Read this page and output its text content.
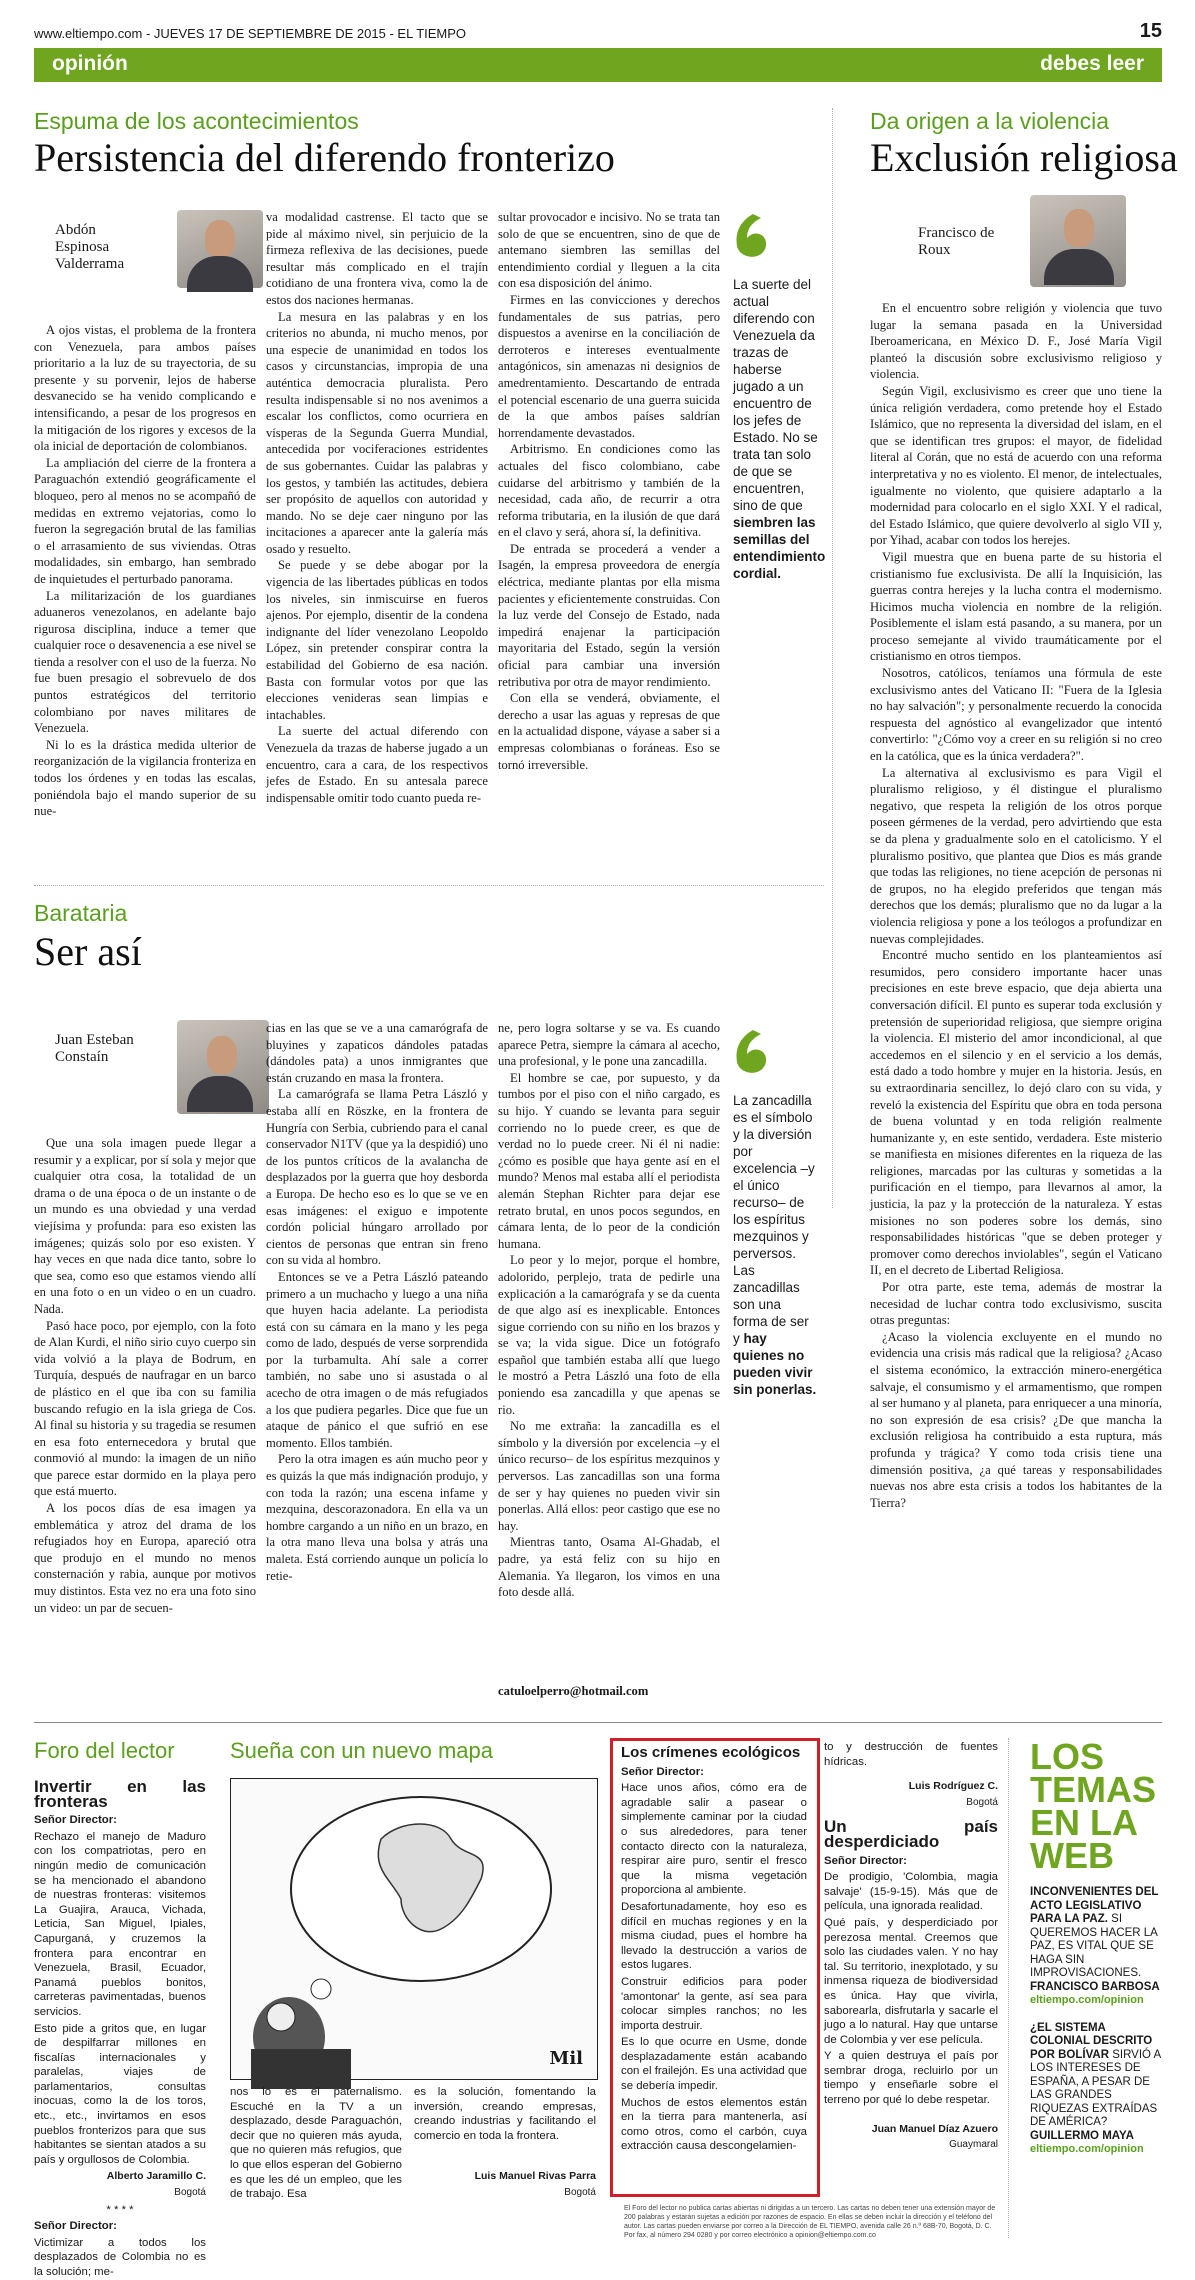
www.eltiempo.com - JUEVES 17 DE SEPTIEMBRE DE 2015 - EL TIEMPO	15
opinión	debes leer
Espuma de los acontecimientos
Persistencia del diferendo fronterizo
Abdón Espinosa Valderrama

A ojos vistas, el problema de la frontera con Venezuela, para ambos países prioritario a la luz de su trayectoria, de su presente y su porvenir, lejos de haberse desvanecido se ha venido complicando e intensificando, a pesar de los progresos en la mitigación de los rigores y excesos de la ola inicial de deportación de colombianos.

La ampliación del cierre de la frontera a Paraguachón extendió geográficamente el bloqueo, pero al menos no se acompañó de medidas en extremo vejatorias, como lo fueron la segregación brutal de las familias o el arrasamiento de sus viviendas. Otras modalidades, sin embargo, han sembrado de inquietudes el perturbado panorama.

La militarización de los guardianes aduaneros venezolanos, en adelante bajo rigurosa disciplina, induce a temer que cualquier roce o desavenencia a ese nivel se tienda a resolver con el uso de la fuerza. No fue buen presagio el sobrevuelo de dos puntos estratégicos del territorio colombiano por naves militares de Venezuela.

Ni lo es la drástica medida ulterior de reorganización de la vigilancia fronteriza en todos los órdenes y en todas las escalas, poniéndola bajo el mando superior de su nue-

va modalidad castrense. El tacto que se pide al máximo nivel, sin perjuicio de la firmeza reflexiva de las decisiones, puede resultar más complicado en el trajín cotidiano de una frontera viva, como la de estos dos naciones hermanas.

La mesura en las palabras y en los criterios no abunda, ni mucho menos, por una especie de unanimidad en todos los casos y circunstancias, impropia de una auténtica democracia pluralista. Pero resulta indispensable si no nos avenimos a escalar los conflictos, como ocurriera en vísperas de la Segunda Guerra Mundial, antecedida por vociferaciones estridentes de sus gobernantes. Cuidar las palabras y los gestos, y también las actitudes, debiera ser propósito de aquellos con autoridad y mando. No se deje caer ninguno por las incitaciones a aparecer ante la galería más osado y resuelto.

Se puede y se debe abogar por la vigencia de las libertades públicas en todos los niveles, sin inmiscuirse en fueros ajenos. Por ejemplo, disentir de la condena indignante del líder venezolano Leopoldo López, sin pretender conspirar contra la estabilidad del Gobierno de esa nación. Basta con formular votos por que las elecciones venideras sean limpias e intachables.

La suerte del actual diferendo con Venezuela da trazas de haberse jugado a un encuentro, cara a cara, de los respectivos jefes de Estado. En su antesala parece indispensable omitir todo cuanto pueda re-

sultar provocador e incisivo. No se trata tan solo de que se encuentren, sino de que de antemano siembren las semillas del entendimiento cordial y lleguen a la cita con esa disposición del ánimo.

Firmes en las convicciones y derechos fundamentales de sus patrias, pero dispuestos a avenirse en la conciliación de derroteros e intereses eventualmente antagónicos, sin amenazas ni designios de amedrentamiento. Descartando de entrada el potencial escenario de una guerra suicida de la que ambos países saldrían horrendamente devastados.

Arbitrismo. En condiciones como las actuales del fisco colombiano, cabe cuidarse del arbitrismo y también de la necesidad, cada año, de recurrir a otra reforma tributaria, en la ilusión de que dará en el clavo y será, ahora sí, la definitiva.

De entrada se procederá a vender a Isagén, la empresa proveedora de energía eléctrica, mediante plantas por ella misma pacientes y eficientemente construidas. Con la luz verde del Consejo de Estado, nada impedirá enajenar la participación mayoritaria del Estado, según la versión oficial para cambiar una inversión retributiva por otra de mayor rendimiento.

Con ella se venderá, obviamente, el derecho a usar las aguas y represas de que en la actualidad dispone, váyase a saber si a empresas colombianas o foráneas. Eso se tornó irreversible.

La suerte del actual diferendo con Venezuela da trazas de haberse jugado a un encuentro de los jefes de Estado. No se trata tan solo de que se encuentren, sino de que siembren las semillas del entendimiento cordial.
Da origen a la violencia
Exclusión religiosa
Francisco de Roux

En el encuentro sobre religión y violencia que tuvo lugar la semana pasada en la Universidad Iberoamericana, en México D. F., José María Vigil planteó la discusión sobre exclusivismo religioso y violencia.

Según Vigil, exclusivismo es creer que uno tiene la única religión verdadera, como pretende hoy el Estado Islámico, que no representa la diversidad del islam, en el que se identifican tres grupos: el mayor, de fidelidad literal al Corán, que no está de acuerdo con una reforma interpretativa y no es violento. El menor, de intelectuales, igualmente no violento, que quisiere adaptarlo a la modernidad para colocarlo en el siglo XXI. Y el radical, del Estado Islámico, que quiere devolverlo al siglo VII y, por Yihad, acabar con todos los herejes.

Vigil muestra que en buena parte de su historia el cristianismo fue exclusivista. De allí la Inquisición, las guerras contra herejes y la lucha contra el modernismo. Hicimos mucha violencia en nombre de la religión. Posiblemente el islam está pasando, a su manera, por un proceso semejante al vivido traumáticamente por el cristianismo en otros tiempos.

Nosotros, católicos, teníamos una fórmula de este exclusivismo antes del Vaticano II: "Fuera de la Iglesia no hay salvación"; y personalmente recuerdo la conocida respuesta del agnóstico al evangelizador que intentó convertirlo: "¿Cómo voy a creer en su religión si no creo en la católica, que es la única verdadera?".

La alternativa al exclusivismo es para Vigil el pluralismo religioso, y él distingue el pluralismo negativo, que respeta la religión de los otros porque poseen gérmenes de la verdad, pero advirtiendo que esta se da plena y gradualmente solo en el catolicismo. Y el pluralismo positivo, que plantea que Dios es más grande que todas las religiones, no tiene acepción de personas ni de grupos, no ha elegido preferidos que tengan más derechos que los demás; pluralismo que no da lugar a la violencia religiosa y pone a los teólogos a profundizar en nuevas complejidades.

Encontré mucho sentido en los planteamientos así resumidos, pero considero importante hacer unas precisiones en este breve espacio, que deja abierta una conversación difícil. El punto es superar toda exclusión y pretensión de superioridad religiosa, que siempre origina la violencia. El misterio del amor incondicional, al que accedemos en el silencio y en el servicio a los demás, está dado a todo hombre y mujer en la historia. Jesús, en su extraordinaria sencillez, lo dejó claro con su vida, y reveló la existencia del Espíritu que obra en toda persona de buena voluntad y en toda religión realmente humanizante y, en este sentido, verdadera. Este misterio se manifiesta en misiones diferentes en la riqueza de las religiones, marcadas por las culturas y sometidas a la purificación en el tiempo, para llevarnos al amor, la justicia, la paz y la protección de la naturaleza. Y estas misiones no son poderes sobre los demás, sino responsabilidades históricas "que se deben proteger y promover como derechos inviolables", según el Vaticano II, en el decreto de Libertad Religiosa.

Por otra parte, este tema, además de mostrar la necesidad de luchar contra todo exclusivismo, suscita otras preguntas:

¿Acaso la violencia excluyente en el mundo no evidencia una crisis más radical que la religiosa? ¿Acaso el sistema económico, la extracción minero-energética salvaje, el consumismo y el armamentismo, que rompen al ser humano y al planeta, para enriquecer a una minoría, no son expresión de esa crisis? ¿De que mancha la exclusión religiosa ha contribuido a esta ruptura, más profunda y trágica? Y como toda crisis tiene una dimensión positiva, ¿a qué tareas y responsabilidades nuevas nos abre esta crisis a todos los habitantes de la Tierra?

Barataria
Ser así
Juan Esteban Constaín

Que una sola imagen puede llegar a resumir y a explicar, por sí sola y mejor que cualquier otra cosa, la totalidad de un drama o de una época o de un instante o de un mundo es una obviedad y una verdad viejísima y profunda: para eso existen las imágenes; quizás solo por eso existen. Y hay veces en que nada dice tanto, sobre lo que sea, como eso que estamos viendo allí en una foto o en un video o en un cuadro. Nada.

Pasó hace poco, por ejemplo, con la foto de Alan Kurdi, el niño sirio cuyo cuerpo sin vida volvió a la playa de Bodrum, en Turquía, después de naufragar en un barco de plástico en el que iba con su familia buscando refugio en la isla griega de Cos. Al final su historia y su tragedia se resumen en esa foto enternecedora y brutal que conmovió al mundo: la imagen de un niño que parece estar dormido en la playa pero que está muerto.

A los pocos días de esa imagen ya emblemática y atroz del drama de los refugiados hoy en Europa, apareció otra que produjo en el mundo no menos consternación y rabia, aunque por motivos muy distintos. Esta vez no era una foto sino un video: un par de secuen-

cias en las que se ve a una camarógrafa de bluyines y zapaticos dándoles patadas (dándoles pata) a unos inmigrantes que están cruzando en masa la frontera.

La camarógrafa se llama Petra László y estaba allí en Röszke, en la frontera de Hungría con Serbia, cubriendo para el canal conservador N1TV (que ya la despidió) uno de los puntos críticos de la avalancha de desplazados por la guerra que hoy desborda a Europa. De hecho eso es lo que se ve en esas imágenes: el exiguo e impotente cordón policial húngaro arrollado por cientos de personas que entran sin freno con su vida al hombro.

Entonces se ve a Petra László pateando primero a un muchacho y luego a una niña que huyen hacia adelante. La periodista está con su cámara en la mano y les pega como de lado, después de verse sorprendida por la turbamulta. Ahí sale a correr también, no sabe uno si asustada o al acecho de otra imagen o de más refugiados a los que pudiera pegarles. Dice que fue un ataque de pánico el que sufrió en ese momento. Ellos también.

Pero la otra imagen es aún mucho peor y es quizás la que más indignación produjo, y con toda la razón; una escena infame y mezquina, descorazonadora. En ella va un hombre cargando a un niño en un brazo, en la otra mano lleva una bolsa y atrás una maleta. Está corriendo aunque un policía lo retie-

ne, pero logra soltarse y se va. Es cuando aparece Petra, siempre la cámara al acecho, una profesional, y le pone una zancadilla.

El hombre se cae, por supuesto, y da tumbos por el piso con el niño cargado, es su hijo. Y cuando se levanta para seguir corriendo no lo puede creer, es que de verdad no lo puede creer. Ni él ni nadie: ¿cómo es posible que haya gente así en el mundo? Menos mal estaba allí el periodista alemán Stephan Richter para dejar ese retrato brutal, en unos pocos segundos, en cámara lenta, de lo peor de la condición humana.

Lo peor y lo mejor, porque el hombre, adolorido, perplejo, trata de pedirle una explicación a la camarógrafa y se da cuenta de que algo así es inexplicable. Entonces sigue corriendo con su niño en los brazos y se va; la vida sigue. Dice un fotógrafo español que también estaba allí que luego le mostró a Petra László una foto de ella poniendo esa zancadilla y que apenas se rio.

No me extraña: la zancadilla es el símbolo y la diversión por excelencia –y el único recurso– de los espíritus mezquinos y perversos. Las zancadillas son una forma de ser y hay quienes no pueden vivir sin ponerlas. Allá ellos: peor castigo que ese no hay.

Mientras tanto, Osama Al-Ghadab, el padre, ya está feliz con su hijo en Alemania. Ya llegaron, los vimos en una foto desde allá.

catuloelperro@hotmail.com
La zancadilla es el símbolo y la diversión por excelencia –y el único recurso– de los espíritus mezquinos y perversos. Las zancadillas son una forma de ser y hay quienes no pueden vivir sin ponerlas.
Foro del lector

Invertir en las fronteras

Señor Director:

Rechazo el manejo de Maduro con los compatriotas, pero en ningún medio de comunicación se ha mencionado el abandono de nuestras fronteras: visitemos La Guajira, Arauca, Vichada, Leticia, San Miguel, Ipiales, Capurganá, y cruzemos la frontera para encontrar en Venezuela, Brasil, Ecuador, Panamá pueblos bonitos, carreteras pavimentadas, buenos servicios.

Esto pide a gritos que, en lugar de despilfarrar millones en fiscalías internacionales y paralelas, viajes de parlamentarios, consultas inocuas, como la de los toros, etc., etc., invirtamos en esos pueblos fronterizos para que sus habitantes se sientan atados a su país y orgullosos de Colombia.

Alberto Jaramillo C.

Bogotá

* * * *

Señor Director:

Victimizar a todos los desplazados de Colombia no es la solución; me-

Sueña con un nuevo mapa
Mil

nos lo es el paternalismo. Escuché en la TV a un desplazado, desde Paraguachón, decir que no quieren más ayuda, que no quieren más refugios, que lo que ellos esperan del Gobierno es que les dé un empleo, que les de trabajo. Esa

es la solución, fomentando la inversión, creando empresas, creando industrias y facilitando el comercio en toda la frontera.

Luis Manuel Rivas Parra

Bogotá

Los crímenes ecológicos

Señor Director:

Hace unos años, cómo era de agradable salir a pasear o simplemente caminar por la ciudad o sus alrededores, para tener contacto directo con la naturaleza, respirar aire puro, sentir el fresco que la misma vegetación proporciona al ambiente.

Desafortunadamente, hoy eso es difícil en muchas regiones y en la misma ciudad, pues el hombre ha llevado la destrucción a varios de estos lugares.

Construir edificios para poder 'amontonar' la gente, así sea para colocar simples ranchos; no les importa destruir.

Es lo que ocurre en Usme, donde desplazadamente están acabando con el frailejón. Es una actividad que se debería impedir.

Muchos de estos elementos están en la tierra para mantenerla, así como otros, como el carbón, cuya extracción causa descongelamien-

to y destrucción de fuentes hídricas.

Luis Rodríguez C.

Bogotá

Un país desperdiciado

Señor Director:

De prodigio, 'Colombia, magia salvaje' (15-9-15). Más que de película, una ignorada realidad.

Qué país, y desperdiciado por perezosa mental. Creemos que solo las ciudades valen. Y no hay tal. Su territorio, inexplotado, y su inmensa riqueza de biodiversidad es única. Hay que vivirla, saborearla, disfrutarla y sacarle el jugo a lo natural. Hay que untarse de Colombia y ver ese película.

Y a quien destruya el país por sembrar droga, recluirlo por un tiempo y enseñarle sobre el terreno por qué lo debe respetar.

Juan Manuel Díaz Azuero

Guaymaral

LOS
TEMAS
EN LA
WEB
INCONVENIENTES DEL ACTO LEGISLATIVO PARA LA PAZ. SI QUEREMOS HACER LA PAZ, ES VITAL QUE SE HAGA SIN IMPROVISACIONES. FRANCISCO BARBOSA
eltiempo.com/opinion
¿EL SISTEMA COLONIAL DESCRITO POR BOLÍVAR SIRVIÓ A LOS INTERESES DE ESPAÑA, A PESAR DE LAS GRANDES RIQUEZAS EXTRAÍDAS DE AMÉRICA? GUILLERMO MAYA
eltiempo.com/opinion
El Foro del lector no publica cartas abiertas ni dirigidas a un tercero. Las cartas no deben tener una extensión mayor de 200 palabras y estarán sujetas a edición por razones de espacio. En ellas se deben incluir la dirección y el teléfono del autor. Las cartas pueden enviarse por correo a la Dirección de EL TIEMPO, avenida calle 26 n.º 68B-70, Bogotá, D. C. Por fax, al número 294 0280 y por correo electrónico a opinion@eltiempo.com.co
